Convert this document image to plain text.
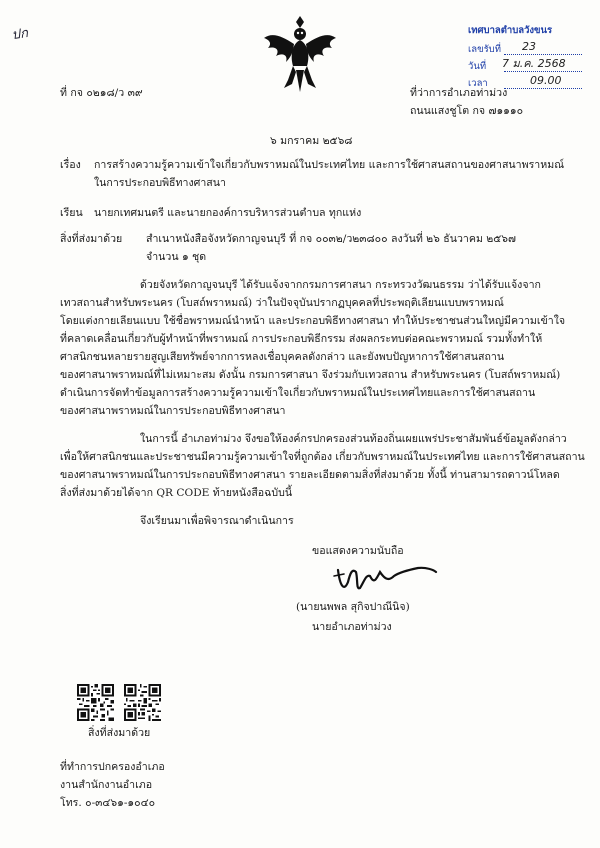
ปก	เทศบาลตำบลวังขนร
เลขรับที่ 23
วันที่ 7 ม.ค. 2568
เวลา	09.00
ที่ กจ ๐๒๑๘/ว ๓๙	ที่ว่าการอำเภอท่าม่วง
ถนนแสงชูโต กจ ๗๑๑๑๐
๖ มกราคม ๒๕๖๘
เรื่อง การสร้างความรู้ความเข้าใจเกี่ยวกับพราหมณ์ในประเทศไทย และการใช้ศาสนสถานของศาสนาพราหมณ์
ในการประกอบพิธีทางศาสนา
เรียน นายกเทศมนตรี และนายกองค์การบริหารส่วนตำบล ทุกแห่ง
สิ่งที่ส่งมาด้วย สำเนาหนังสือจังหวัดกาญจนบุรี ที่ กจ ๐๐๓๒/ว๒๓๘๐๐ ลงวันที่ ๒๖ ธันวาคม ๒๕๖๗
จำนวน ๑ ชุด
ด้วยจังหวัดกาญจนบุรี ได้รับแจ้งจากกรมการศาสนา กระทรวงวัฒนธรรม ว่าได้รับแจ้งจาก
เทวสถานสำหรับพระนคร (โบสถ์พราหมณ์) ว่าในปัจจุบันปรากฏบุคคลที่ประพฤติเลียนแบบพราหมณ์
โดยแต่งกายเลียนแบบ ใช้ชื่อพราหมณ์นำหน้า และประกอบพิธีทางศาสนา ทำให้ประชาชนส่วนใหญ่มีความเข้าใจ
ที่คลาดเคลื่อนเกี่ยวกับผู้ทำหน้าที่พราหมณ์ การประกอบพิธีกรรม ส่งผลกระทบต่อคณะพราหมณ์ รวมทั้งทำให้
ศาสนิกชนหลายรายสูญเสียทรัพย์จากการหลงเชื่อบุคคลดังกล่าว และยังพบปัญหาการใช้ศาสนสถาน
ของศาสนาพราหมณ์ที่ไม่เหมาะสม ดังนั้น กรมการศาสนา จึงร่วมกับเทวสถาน สำหรับพระนคร (โบสถ์พราหมณ์)
ดำเนินการจัดทำข้อมูลการสร้างความรู้ความเข้าใจเกี่ยวกับพราหมณ์ในประเทศไทยและการใช้ศาสนสถาน
ของศาสนาพราหมณ์ในการประกอบพิธีทางศาสนา
ในการนี้ อำเภอท่าม่วง จึงขอให้องค์กรปกครองส่วนท้องถิ่นเผยแพร่ประชาสัมพันธ์ข้อมูลดังกล่าว
เพื่อให้ศาสนิกชนและประชาชนมีความรู้ความเข้าใจที่ถูกต้อง เกี่ยวกับพราหมณ์ในประเทศไทย และการใช้ศาสนสถาน
ของศาสนาพราหมณ์ในการประกอบพิธีทางศาสนา รายละเอียดตามสิ่งที่ส่งมาด้วย ทั้งนี้ ท่านสามารถดาวน์โหลด
สิ่งที่ส่งมาด้วยได้จาก QR CODE ท้ายหนังสือฉบับนี้
จึงเรียนมาเพื่อพิจารณาดำเนินการ
ขอแสดงความนับถือ
(นายนพพล สุกิจปาณีนิจ)
นายอำเภอท่าม่วง
สิ่งที่ส่งมาด้วย
ที่ทำการปกครองอำเภอ
งานสำนักงานอำเภอ
โทร. ๐-๓๔๖๑-๑๐๔๐
